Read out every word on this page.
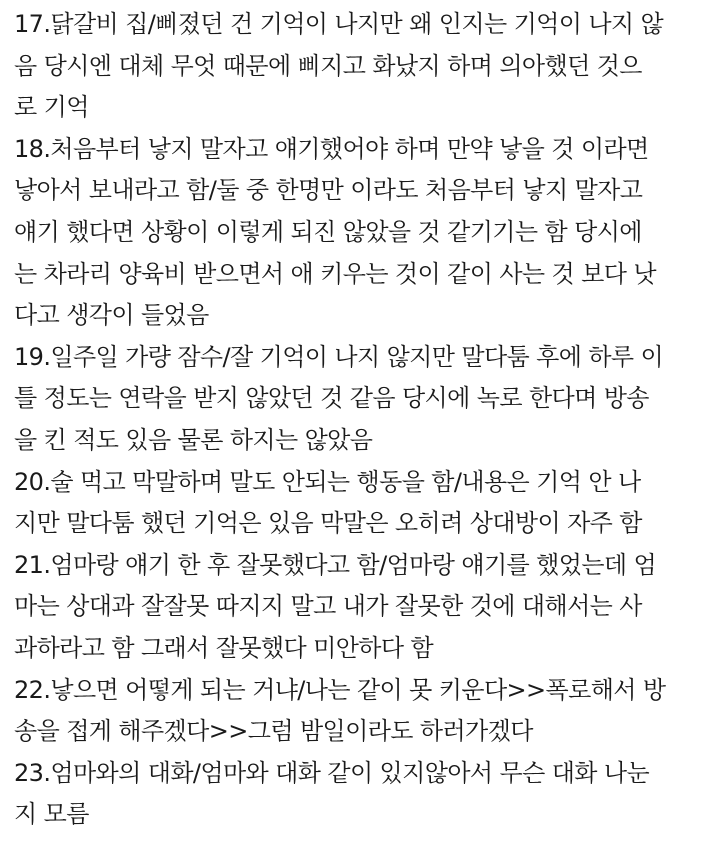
17.닭갈비 집/삐졌던 건 기억이 나지만 왜 인지는 기억이 나지 않
음 당시엔 대체 무엇 때문에 삐지고 화났지 하며 의아했던 것으
로 기억
18.처음부터 낳지 말자고 얘기했어야 하며 만약 낳을 것 이라면
낳아서 보내라고 함/둘 중 한명만 이라도 처음부터 낳지 말자고
얘기 했다면 상황이 이렇게 되진 않았을 것 같기기는 함 당시에
는 차라리 양육비 받으면서 애 키우는 것이 같이 사는 것 보다 낫
다고 생각이 들었음
19.일주일 가량 잠수/잘 기억이 나지 않지만 말다툼 후에 하루 이
틀 정도는 연락을 받지 않았던 것 같음 당시에 녹로 한다며 방송
을 킨 적도 있음 물론 하지는 않았음
20.술 먹고 막말하며 말도 안되는 행동을 함/내용은 기억 안 나
지만 말다툼 했던 기억은 있음 막말은 오히려 상대방이 자주 함
21.엄마랑 얘기 한 후 잘못했다고 함/엄마랑 얘기를 했었는데 엄
마는 상대과 잘잘못 따지지 말고 내가 잘못한 것에 대해서는 사
과하라고 함 그래서 잘못했다 미안하다 함
22.낳으면 어떻게 되는 거냐/나는 같이 못 키운다>>폭로해서 방
송을 접게 해주겠다>>그럼 밤일이라도 하러가겠다
23.엄마와의 대화/엄마와 대화 같이 있지않아서 무슨 대화 나눈
지 모름
